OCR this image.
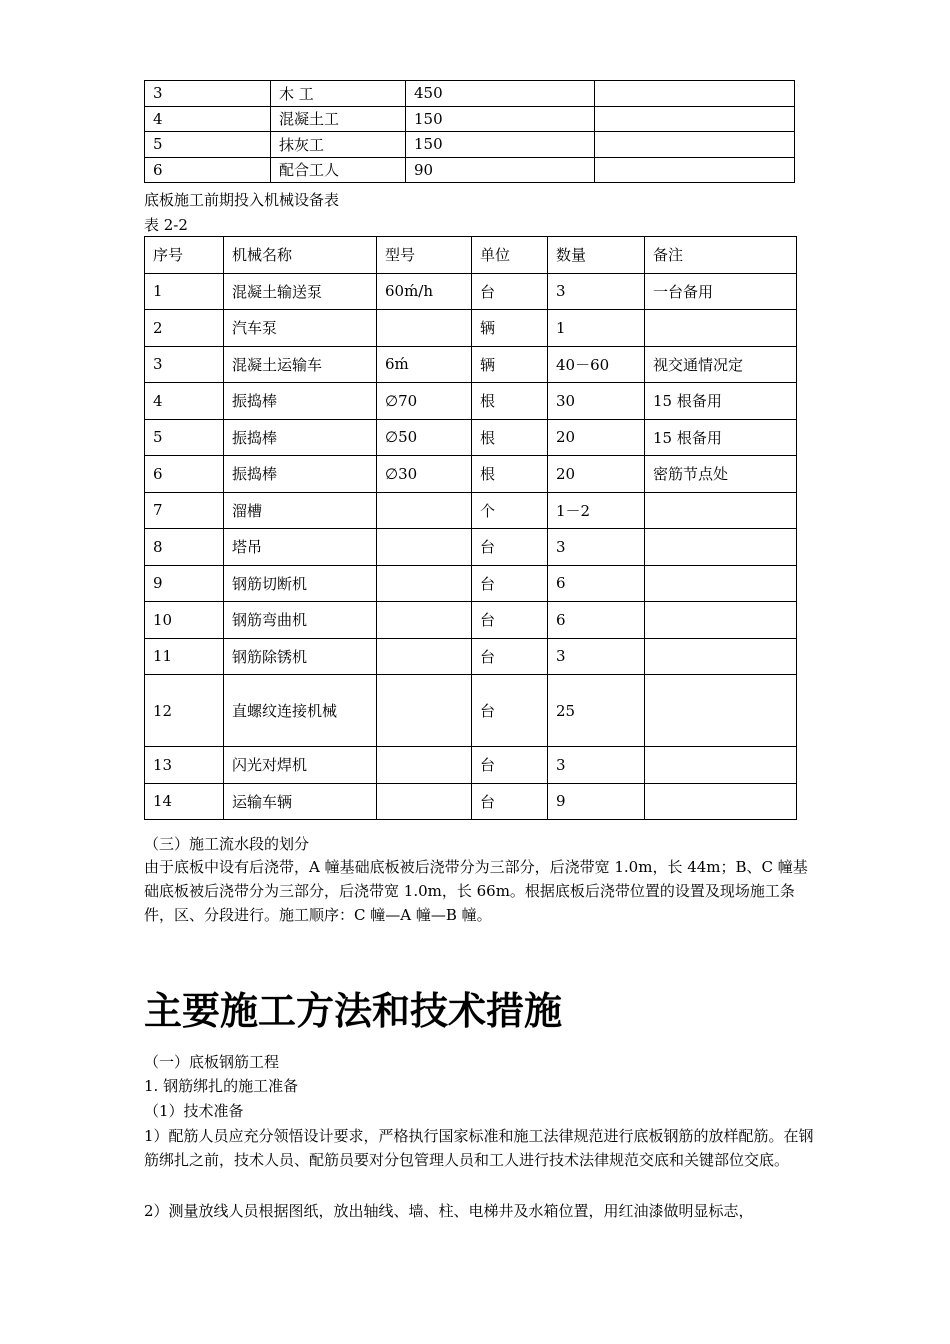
3	木 工	450	
4	混凝土工	150	
5	抹灰工	150	
6	配合工人	90	
底板施工前期投入机械设备表
表 2-2
序号	机械名称	型号	单位	数量	备注
1	混凝土输送泵	60ḿ/h	台	3	一台备用
2	汽车泵		辆	1	
3	混凝土运输车	6ḿ	辆	40－60	视交通情况定
4	振捣棒	∅70	根	30	15 根备用
5	振捣棒	∅50	根	20	15 根备用
6	振捣棒	∅30	根	20	密筋节点处
7	溜槽		个	1－2	
8	塔吊		台	3	
9	钢筋切断机		台	6	
10	钢筋弯曲机		台	6	
11	钢筋除锈机		台	3	
12	直螺纹连接机械		台	25	
13	闪光对焊机		台	3	
14	运输车辆		台	9	
（三）施工流水段的划分
由于底板中设有后浇带，A 幢基础底板被后浇带分为三部分，后浇带宽 1.0m，长 44m；B、C 幢基础底板被后浇带分为三部分，后浇带宽 1.0m，长 66m。根据底板后浇带位置的设置及现场施工条件，区、分段进行。施工顺序：C 幢—A 幢—B 幢。
主要施工方法和技术措施
（一）底板钢筋工程
1. 钢筋绑扎的施工准备
（1）技术准备
1）配筋人员应充分领悟设计要求，严格执行国家标准和施工法律规范进行底板钢筋的放样配筋。在钢筋绑扎之前，技术人员、配筋员要对分包管理人员和工人进行技术法律规范交底和关键部位交底。
2）测量放线人员根据图纸，放出轴线、墙、柱、电梯井及水箱位置，用红油漆做明显标志，
